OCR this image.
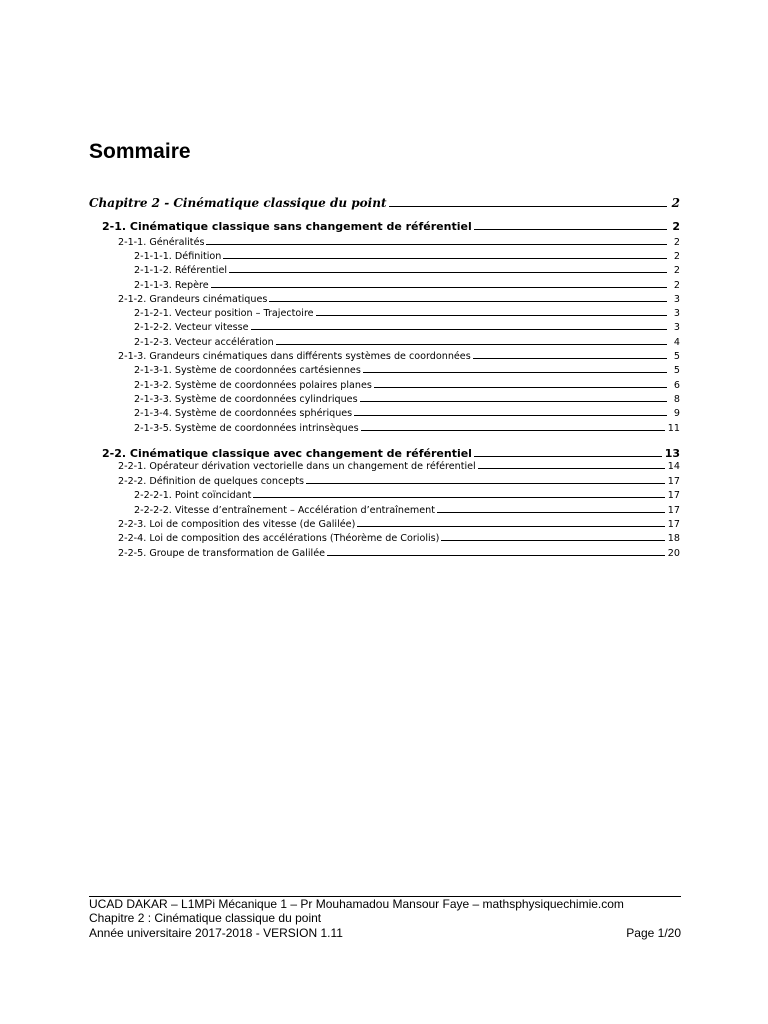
Sommaire
Chapitre 2 - Cinématique classique du point	2
2-1. Cinématique classique sans changement de référentiel	2
2-1-1. Généralités	2
2-1-1-1. Définition	2
2-1-1-2. Référentiel	2
2-1-1-3. Repère	2
2-1-2. Grandeurs cinématiques	3
2-1-2-1. Vecteur position – Trajectoire	3
2-1-2-2. Vecteur vitesse	3
2-1-2-3. Vecteur accélération	4
2-1-3. Grandeurs cinématiques dans différents systèmes de coordonnées	5
2-1-3-1. Système de coordonnées cartésiennes	5
2-1-3-2. Système de coordonnées polaires planes	6
2-1-3-3. Système de coordonnées cylindriques	8
2-1-3-4. Système de coordonnées sphériques	9
2-1-3-5. Système de coordonnées intrinsèques	11
2-2. Cinématique classique avec changement de référentiel	13
2-2-1. Opérateur dérivation vectorielle dans un changement de référentiel	14
2-2-2. Définition de quelques concepts	17
2-2-2-1. Point coïncidant	17
2-2-2-2. Vitesse d’entraînement – Accélération d’entraînement	17
2-2-3. Loi de composition des vitesse (de Galilée)	17
2-2-4. Loi de composition des accélérations (Théorème de Coriolis)	18
2-2-5. Groupe de transformation de Galilée	20
UCAD DAKAR – L1MPi Mécanique 1 – Pr Mouhamadou Mansour Faye – mathsphysiquechimie.com
Chapitre 2 : Cinématique classique du point
Année universitaire 2017-2018 - VERSION 1.11	Page 1/20
